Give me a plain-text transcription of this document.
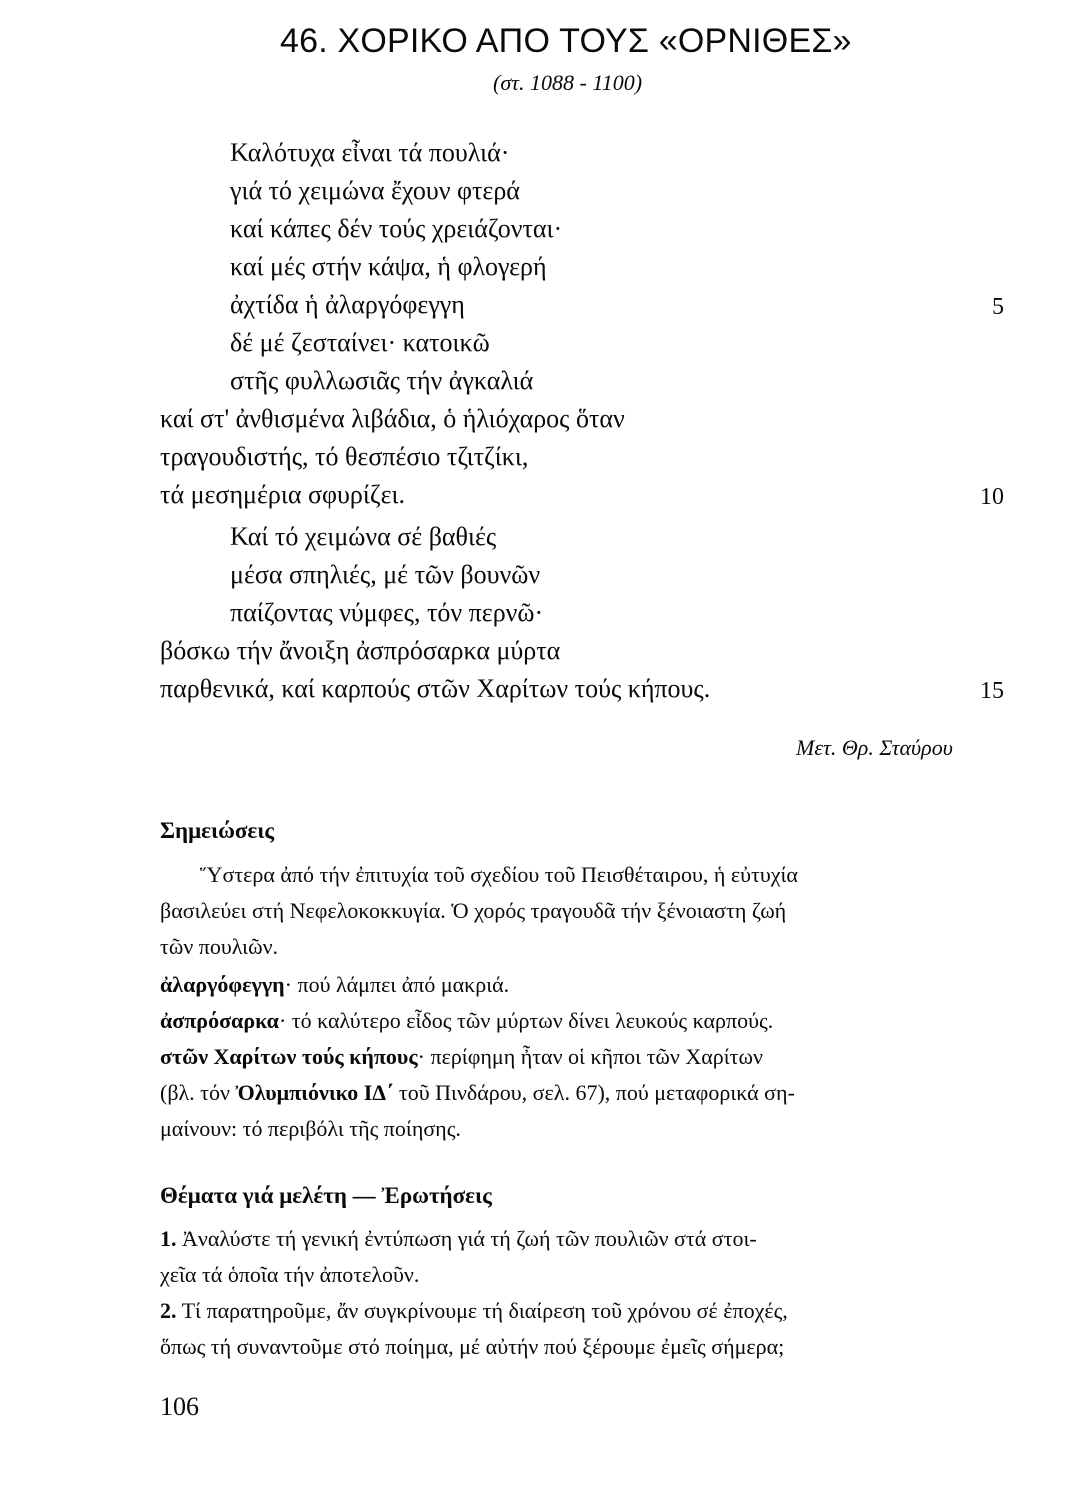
46. ΧΟΡΙΚΟ ΑΠΟ ΤΟΥΣ «ΟΡΝΙΘΕΣ»
(στ. 1088 - 1100)
Καλότυχα εἶναι τά πουλιά·
γιά τό χειμώνα ἔχουν φτερά
καί κάπες δέν τούς χρειάζονται·
καί μές στήν κάψα, ἡ φλογερή
ἀχτίδα ἡ ἀλαργόφεγγη
δέ μέ ζεσταίνει· κατοικῶ
στῆς φυλλωσιᾶς τήν ἀγκαλιά
καί στ' ἀνθισμένα λιβάδια, ὁ ἡλιόχαρος ὅταν
τραγουδιστής, τό θεσπέσιο τζιτζίκι,
τά μεσημέρια σφυρίζει.
Καί τό χειμώνα σέ βαθιές
μέσα σπηλιές, μέ τῶν βουνῶν
παίζοντας νύμφες, τόν περνῶ·
βόσκω τήν ἄνοιξη ἀσπρόσαρκα μύρτα
παρθενικά, καί καρπούς στῶν Χαρίτων τούς κήπους.
5
10
15
Μετ. Θρ. Σταύρου
Σημειώσεις
Ὕστερα ἀπό τήν ἐπιτυχία τοῦ σχεδίου τοῦ Πεισθέταιρου, ἡ εὐτυχία
βασιλεύει στή Νεφελοκοκκυγία. Ὁ χορός τραγουδᾶ τήν ξένοιαστη ζωή
τῶν πουλιῶν.
ἀλαργόφεγγη· πού λάμπει ἀπό μακριά.
ἀσπρόσαρκα· τό καλύτερο εἶδος τῶν μύρτων δίνει λευκούς καρπούς.
στῶν Χαρίτων τούς κήπους· περίφημη ἦταν οἱ κῆποι τῶν Χαρίτων
(βλ. τόν Ὀλυμπιόνικο ΙΔ΄ τοῦ Πινδάρου, σελ. 67), πού μεταφορικά ση-
μαίνουν: τό περιβόλι τῆς ποίησης.
Θέματα γιά μελέτη — Ἐρωτήσεις
1. Ἀναλύστε τή γενική ἐντύπωση γιά τή ζωή τῶν πουλιῶν στά στοι-
χεῖα τά ὁποῖα τήν ἀποτελοῦν.
2. Τί παρατηροῦμε, ἄν συγκρίνουμε τή διαίρεση τοῦ χρόνου σέ ἐποχές,
ὅπως τή συναντοῦμε στό ποίημα, μέ αὐτήν πού ξέρουμε ἐμεῖς σήμερα;
106
